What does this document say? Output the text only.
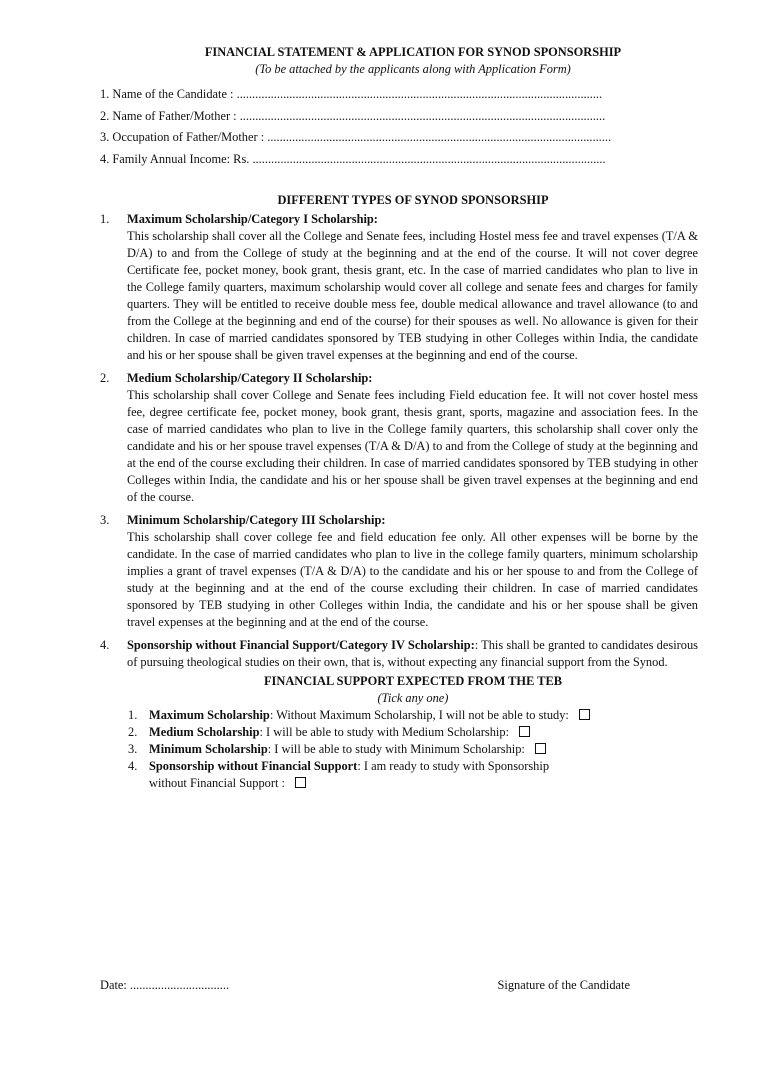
FINANCIAL STATEMENT & APPLICATION FOR SYNOD SPONSORSHIP
(To be attached by the applicants along with Application Form)
1. Name of the Candidate : ......................................................................................................................
2. Name of Father/Mother : ......................................................................................................................
3. Occupation of Father/Mother : ...............................................................................................................
4. Family Annual Income: Rs. ..................................................................................................................
DIFFERENT TYPES OF SYNOD SPONSORSHIP
1.	Maximum Scholarship/Category I Scholarship:
This scholarship shall cover all the College and Senate fees, including Hostel mess fee and travel expenses (T/A & D/A) to and from the College of study at the beginning and at the end of the course. It will not cover degree Certificate fee, pocket money, book grant, thesis grant, etc. In the case of married candidates who plan to live in the College family quarters, maximum scholarship would cover all college and senate fees and charges for family quarters. They will be entitled to receive double mess fee, double medical allowance and travel allowance (to and from the College at the beginning and end of the course) for their spouses as well. No allowance is given for their children. In case of married candidates sponsored by TEB studying in other Colleges within India, the candidate and his or her spouse shall be given travel expenses at the beginning and end of the course.
2.	Medium Scholarship/Category II Scholarship:
This scholarship shall cover College and Senate fees including Field education fee. It will not cover hostel mess fee, degree certificate fee, pocket money, book grant, thesis grant, sports, magazine and association fees. In the case of married candidates who plan to live in the College family quarters, this scholarship shall cover only the candidate and his or her spouse travel expenses (T/A & D/A) to and from the College of study at the beginning and at the end of the course excluding their children. In case of married candidates sponsored by TEB studying in other Colleges within India, the candidate and his or her spouse shall be given travel expenses at the beginning and end of the course.
3.	Minimum Scholarship/Category III Scholarship:
This scholarship shall cover college fee and field education fee only. All other expenses will be borne by the candidate. In the case of married candidates who plan to live in the college family quarters, minimum scholarship implies a grant of travel expenses (T/A & D/A) to the candidate and his or her spouse to and from the College of study at the beginning and at the end of the course excluding their children. In case of married candidates sponsored by TEB studying in other Colleges within India, the candidate and his or her spouse shall be given travel expenses at the beginning and at the end of the course.
4.	Sponsorship without Financial Support/Category IV Scholarship:: This shall be granted to candidates desirous of pursuing theological studies on their own, that is, without expecting any financial support from the Synod.
FINANCIAL SUPPORT EXPECTED FROM THE TEB
(Tick any one)
1. Maximum Scholarship: Without Maximum Scholarship, I will not be able to study:
2. Medium Scholarship: I will be able to study with Medium Scholarship:
3. Minimum Scholarship: I will be able to study with Minimum Scholarship:
4. Sponsorship without Financial Support: I am ready to study with Sponsorship
without Financial Support :
Date: ................................	Signature of the Candidate
